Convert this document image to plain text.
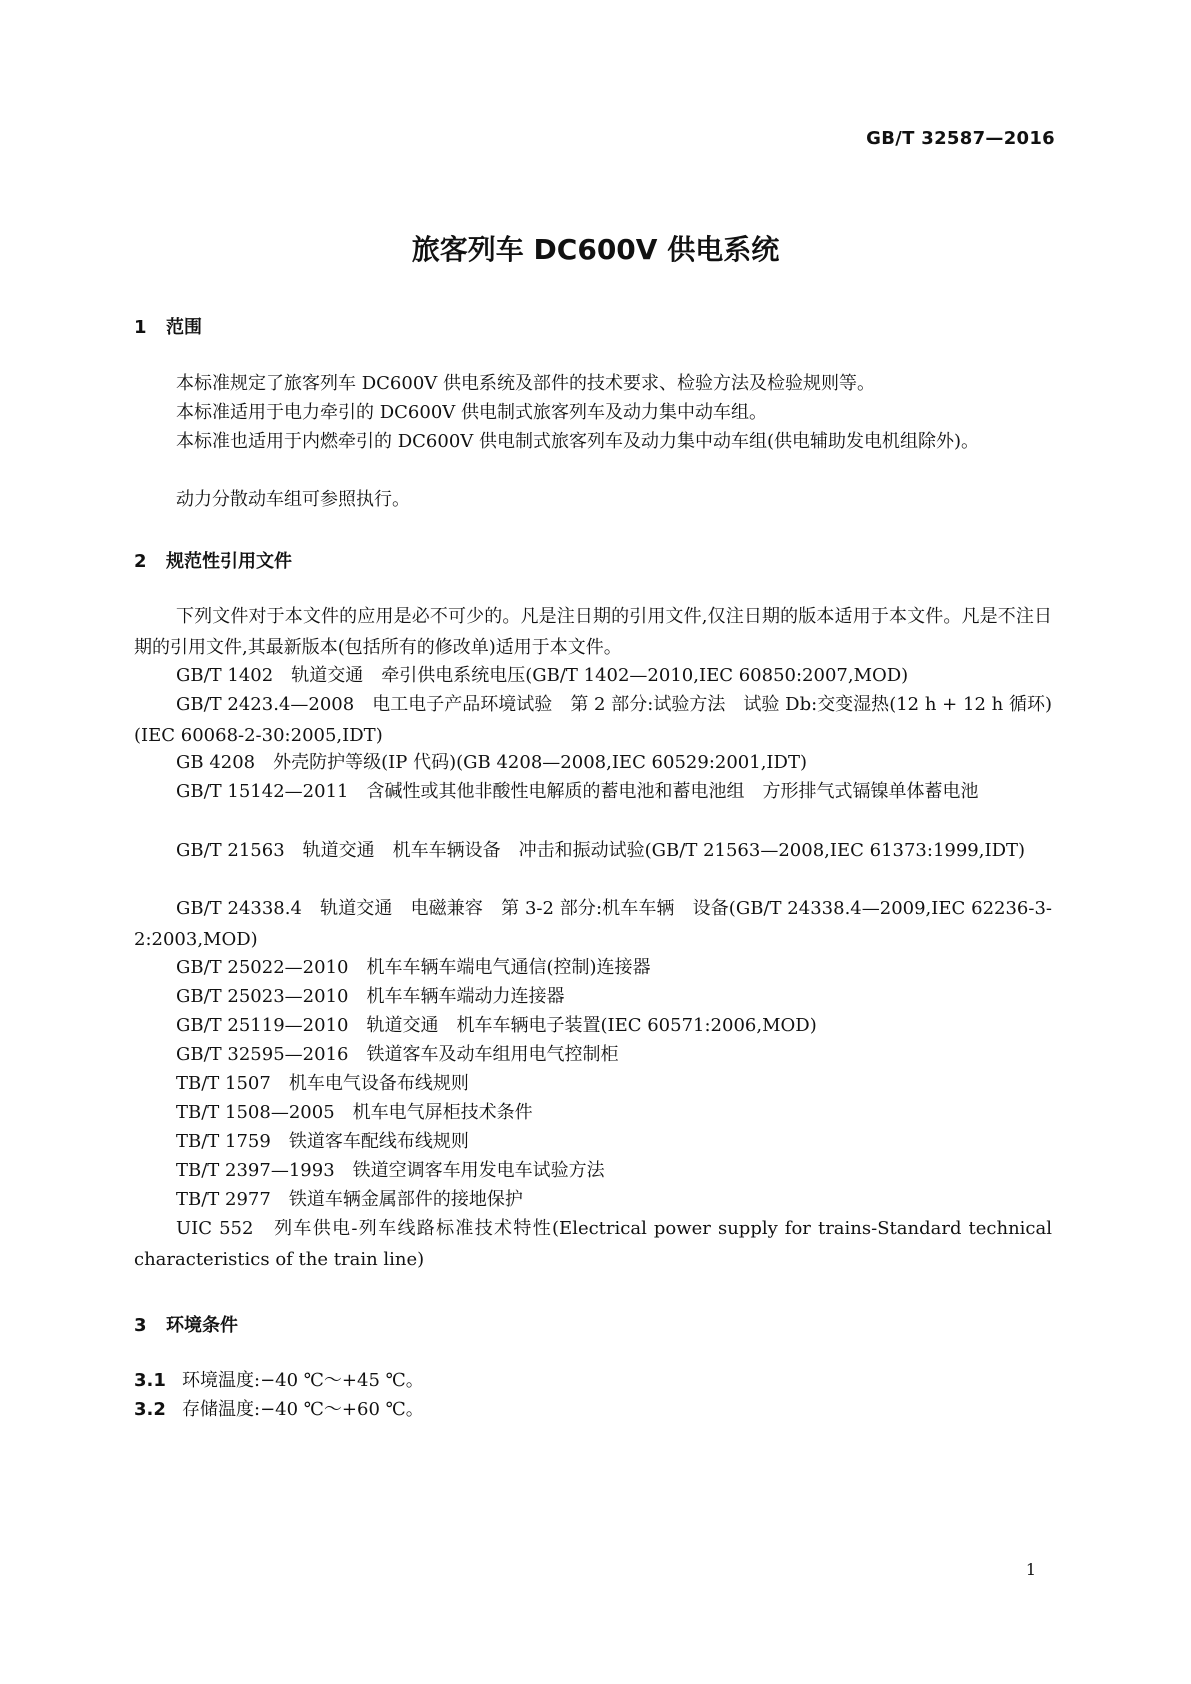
GB/T 32587—2016
旅客列车 DC600V 供电系统
1 范围

本标准规定了旅客列车 DC600V 供电系统及部件的技术要求、检验方法及检验规则等。

本标准适用于电力牵引的 DC600V 供电制式旅客列车及动力集中动车组。

本标准也适用于内燃牵引的 DC600V 供电制式旅客列车及动力集中动车组(供电辅助发电机组除外)。

动力分散动车组可参照执行。

2 规范性引用文件

下列文件对于本文件的应用是必不可少的。凡是注日期的引用文件,仅注日期的版本适用于本文件。凡是不注日期的引用文件,其最新版本(包括所有的修改单)适用于本文件。

GB/T 1402　轨道交通　牵引供电系统电压(GB/T 1402—2010,IEC 60850:2007,MOD)

GB/T 2423.4—2008　电工电子产品环境试验　第 2 部分:试验方法　试验 Db:交变湿热(12 h + 12 h 循环)(IEC 60068-2-30:2005,IDT)

GB 4208　外壳防护等级(IP 代码)(GB 4208—2008,IEC 60529:2001,IDT)

GB/T 15142—2011　含碱性或其他非酸性电解质的蓄电池和蓄电池组　方形排气式镉镍单体蓄电池

GB/T 21563　轨道交通　机车车辆设备　冲击和振动试验(GB/T 21563—2008,IEC 61373:1999,IDT)

GB/T 24338.4　轨道交通　电磁兼容　第 3-2 部分:机车车辆　设备(GB/T 24338.4—2009,IEC 62236-3-2:2003,MOD)

GB/T 25022—2010　机车车辆车端电气通信(控制)连接器

GB/T 25023—2010　机车车辆车端动力连接器

GB/T 25119—2010　轨道交通　机车车辆电子装置(IEC 60571:2006,MOD)

GB/T 32595—2016　铁道客车及动车组用电气控制柜

TB/T 1507　机车电气设备布线规则

TB/T 1508—2005　机车电气屏柜技术条件

TB/T 1759　铁道客车配线布线规则

TB/T 2397—1993　铁道空调客车用发电车试验方法

TB/T 2977　铁道车辆金属部件的接地保护

UIC 552　列车供电-列车线路标准技术特性(Electrical power supply for trains-Standard technical characteristics of the train line)

3 环境条件

3.1 环境温度:−40 ℃～+45 ℃。

3.2 存储温度:−40 ℃～+60 ℃。

1
